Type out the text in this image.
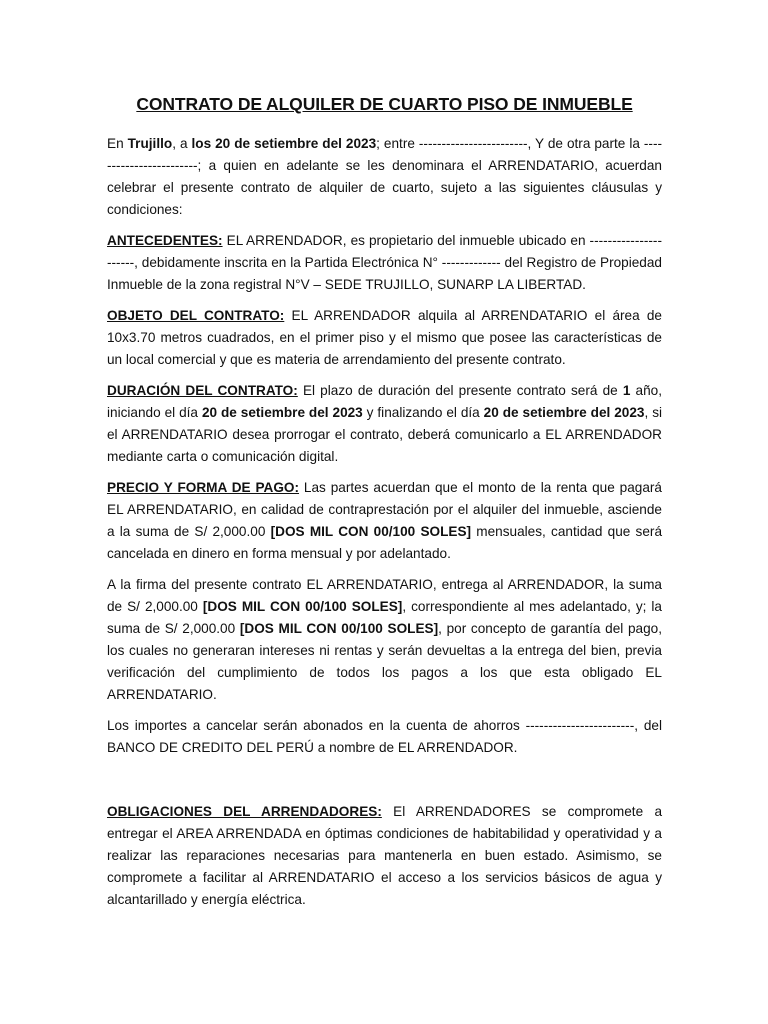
CONTRATO DE ALQUILER DE CUARTO PISO DE INMUEBLE

En Trujillo, a los 20 de setiembre del 2023; entre ------------------------, Y de otra parte la ------------------------; a quien en adelante se les denominara el ARRENDATARIO, acuerdan celebrar el presente contrato de alquiler de cuarto, sujeto a las siguientes cláusulas y condiciones:

ANTECEDENTES: EL ARRENDADOR, es propietario del inmueble ubicado en ----------------------, debidamente inscrita en la Partida Electrónica N° ------------- del Registro de Propiedad Inmueble de la zona registral N°V – SEDE TRUJILLO, SUNARP LA LIBERTAD.

OBJETO DEL CONTRATO: EL ARRENDADOR alquila al ARRENDATARIO el área de 10x3.70 metros cuadrados, en el primer piso y el mismo que posee las características de un local comercial y que es materia de arrendamiento del presente contrato.

DURACIÓN DEL CONTRATO: El plazo de duración del presente contrato será de 1 año, iniciando el día 20 de setiembre del 2023 y finalizando el día 20 de setiembre del 2023, si el ARRENDATARIO desea prorrogar el contrato, deberá comunicarlo a EL ARRENDADOR mediante carta o comunicación digital.

PRECIO Y FORMA DE PAGO: Las partes acuerdan que el monto de la renta que pagará EL ARRENDATARIO, en calidad de contraprestación por el alquiler del inmueble, asciende a la suma de S/ 2,000.00 [DOS MIL CON 00/100 SOLES] mensuales, cantidad que será cancelada en dinero en forma mensual y por adelantado.

A la firma del presente contrato EL ARRENDATARIO, entrega al ARRENDADOR, la suma de S/ 2,000.00 [DOS MIL CON 00/100 SOLES], correspondiente al mes adelantado, y; la suma de S/ 2,000.00 [DOS MIL CON 00/100 SOLES], por concepto de garantía del pago, los cuales no generaran intereses ni rentas y serán devueltas a la entrega del bien, previa verificación del cumplimiento de todos los pagos a los que esta obligado EL ARRENDATARIO.

Los importes a cancelar serán abonados en la cuenta de ahorros ------------------------, del BANCO DE CREDITO DEL PERÚ a nombre de EL ARRENDADOR.

OBLIGACIONES DEL ARRENDADORES: El ARRENDADORES se compromete a entregar el AREA ARRENDADA en óptimas condiciones de habitabilidad y operatividad y a realizar las reparaciones necesarias para mantenerla en buen estado. Asimismo, se compromete a facilitar al ARRENDATARIO el acceso a los servicios básicos de agua y alcantarillado y energía eléctrica.
